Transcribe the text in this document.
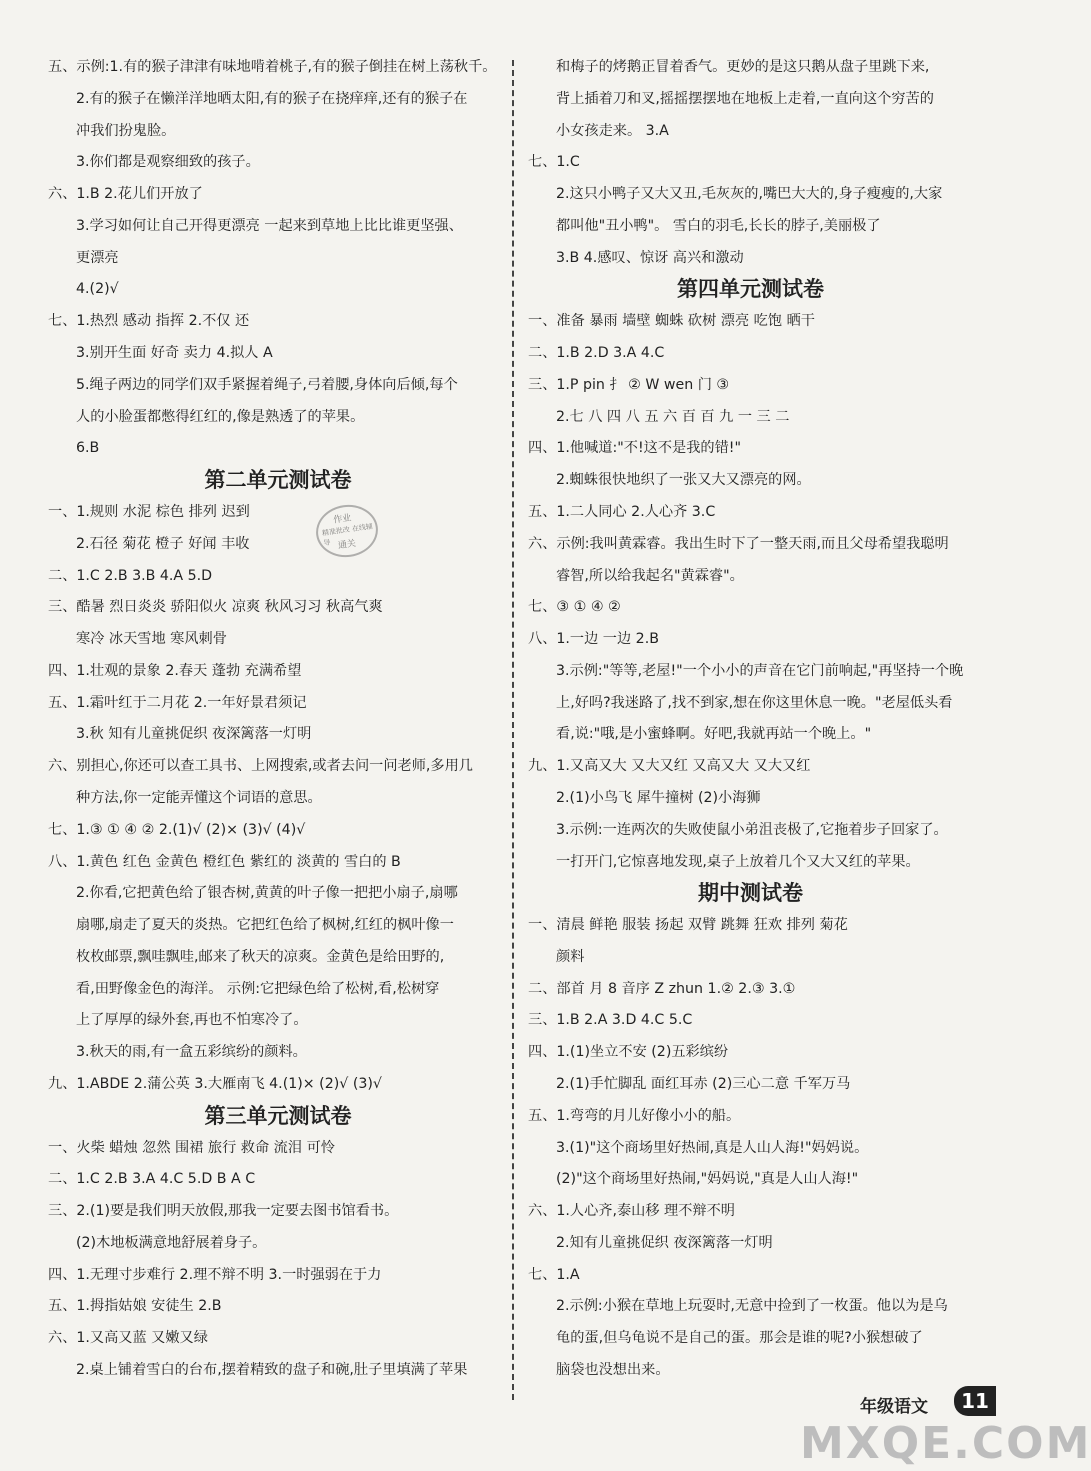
五、示例:1.有的猴子津津有味地啃着桃子,有的猴子倒挂在树上荡秋千。
2.有的猴子在懒洋洋地晒太阳,有的猴子在挠痒痒,还有的猴子在
冲我们扮鬼脸。
3.你们都是观察细致的孩子。
六、1.B 2.花儿们开放了
3.学习如何让自己开得更漂亮 一起来到草地上比比谁更坚强、
更漂亮
4.(2)√
七、1.热烈 感动 指挥 2.不仅 还
3.别开生面 好奇 卖力 4.拟人 A
5.绳子两边的同学们双手紧握着绳子,弓着腰,身体向后倾,每个
人的小脸蛋都憋得红红的,像是熟透了的苹果。
6.B
第二单元测试卷
一、1.规则 水泥 棕色 排列 迟到
2.石径 菊花 橙子 好闻 丰收
二、1.C 2.B 3.B 4.A 5.D
三、酷暑 烈日炎炎 骄阳似火 凉爽 秋风习习 秋高气爽
寒冷 冰天雪地 寒风刺骨
四、1.壮观的景象 2.春天 蓬勃 充满希望
五、1.霜叶红于二月花 2.一年好景君须记
3.秋 知有儿童挑促织 夜深篱落一灯明
六、别担心,你还可以查工具书、上网搜索,或者去问一问老师,多用几
种方法,你一定能弄懂这个词语的意思。
七、1.③ ① ④ ② 2.(1)√ (2)× (3)√ (4)√
八、1.黄色 红色 金黄色 橙红色 紫红的 淡黄的 雪白的 B
2.你看,它把黄色给了银杏树,黄黄的叶子像一把把小扇子,扇哪
扇哪,扇走了夏天的炎热。它把红色给了枫树,红红的枫叶像一
枚枚邮票,飘哇飘哇,邮来了秋天的凉爽。金黄色是给田野的,
看,田野像金色的海洋。 示例:它把绿色给了松树,看,松树穿
上了厚厚的绿外套,再也不怕寒冷了。
3.秋天的雨,有一盒五彩缤纷的颜料。
九、1.ABDE 2.蒲公英 3.大雁南飞 4.(1)× (2)√ (3)√
第三单元测试卷
一、火柴 蜡烛 忽然 围裙 旅行 救命 流泪 可怜
二、1.C 2.B 3.A 4.C 5.D B A C
三、2.(1)要是我们明天放假,那我一定要去图书馆看书。
(2)木地板满意地舒展着身子。
四、1.无理寸步难行 2.理不辩不明 3.一时强弱在于力
五、1.拇指姑娘 安徒生 2.B
六、1.又高又蓝 又嫩又绿
2.桌上铺着雪白的台布,摆着精致的盘子和碗,肚子里填满了苹果
和梅子的烤鹅正冒着香气。更妙的是这只鹅从盘子里跳下来,
背上插着刀和叉,摇摇摆摆地在地板上走着,一直向这个穷苦的
小女孩走来。 3.A
七、1.C
2.这只小鸭子又大又丑,毛灰灰的,嘴巴大大的,身子瘦瘦的,大家
都叫他"丑小鸭"。 雪白的羽毛,长长的脖子,美丽极了
3.B 4.感叹、惊讶 高兴和激动
第四单元测试卷
一、准备 暴雨 墙壁 蜘蛛 砍树 漂亮 吃饱 晒干
二、1.B 2.D 3.A 4.C
三、1.P pin 扌 ② W wen 门 ③
2.七 八 四 八 五 六 百 百 九 一 三 二
四、1.他喊道:"不!这不是我的错!"
2.蜘蛛很快地织了一张又大又漂亮的网。
五、1.二人同心 2.人心齐 3.C
六、示例:我叫黄霖睿。我出生时下了一整天雨,而且父母希望我聪明
睿智,所以给我起名"黄霖睿"。
七、③ ① ④ ②
八、1.一边 一边 2.B
3.示例:"等等,老屋!"一个小小的声音在它门前响起,"再坚持一个晚
上,好吗?我迷路了,找不到家,想在你这里休息一晚。"老屋低头看
看,说:"哦,是小蜜蜂啊。好吧,我就再站一个晚上。"
九、1.又高又大 又大又红 又高又大 又大又红
2.(1)小鸟飞 犀牛撞树 (2)小海狮
3.示例:一连两次的失败使鼠小弟沮丧极了,它拖着步子回家了。
一打开门,它惊喜地发现,桌子上放着几个又大又红的苹果。
期中测试卷
一、清晨 鲜艳 服装 扬起 双臂 跳舞 狂欢 排列 菊花
颜料
二、部首 月 8 音序 Z zhun 1.② 2.③ 3.①
三、1.B 2.A 3.D 4.C 5.C
四、1.(1)坐立不安 (2)五彩缤纷
2.(1)手忙脚乱 面红耳赤 (2)三心二意 千军万马
五、1.弯弯的月儿好像小小的船。
3.(1)"这个商场里好热闹,真是人山人海!"妈妈说。
(2)"这个商场里好热闹,"妈妈说,"真是人山人海!"
六、1.人心齐,泰山移 理不辩不明
2.知有儿童挑促织 夜深篱落一灯明
七、1.A
2.示例:小猴在草地上玩耍时,无意中捡到了一枚蛋。他以为是乌
龟的蛋,但乌龟说不是自己的蛋。那会是谁的呢?小猴想破了
脑袋也没想出来。
作业
精准批改 在线辅导 通关
年级语文	11
MXQE.COM
